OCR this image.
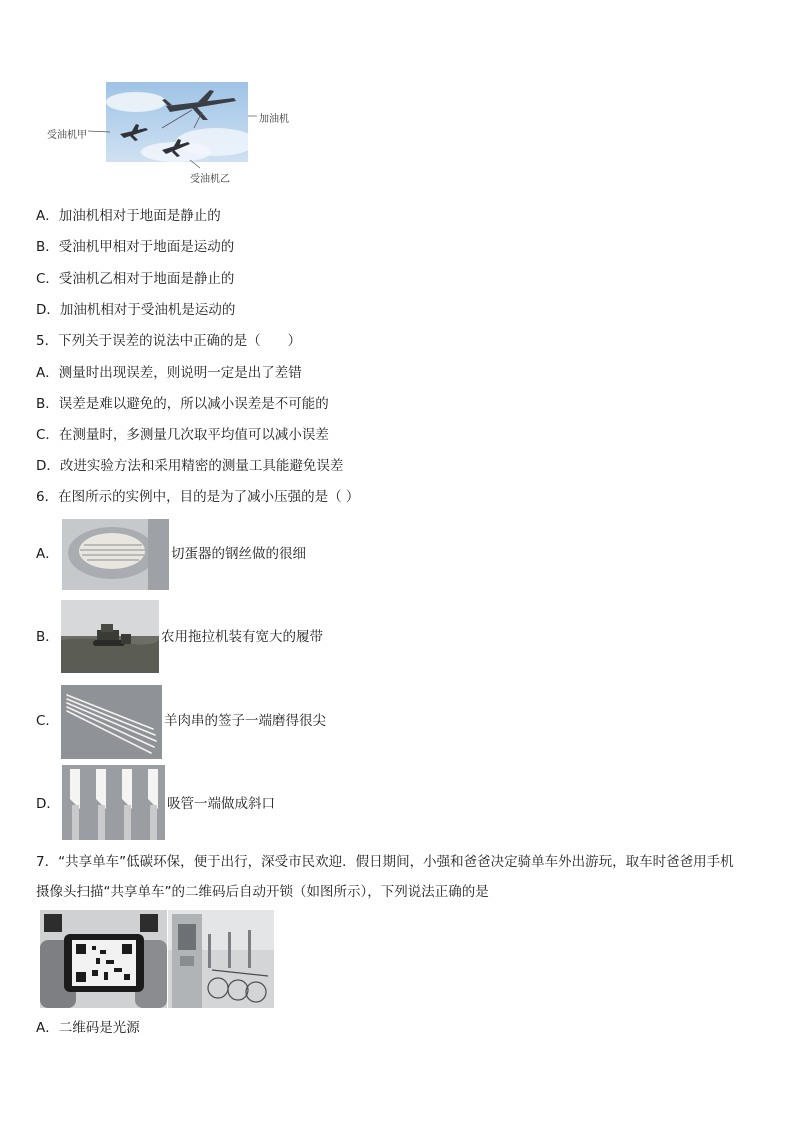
加油机
受油机甲
受油机乙
A．加油机相对于地面是静止的
B．受油机甲相对于地面是运动的
C．受油机乙相对于地面是静止的
D．加油机相对于受油机是运动的
5．下列关于误差的说法中正确的是（　　）
A．测量时出现误差，则说明一定是出了差错
B．误差是难以避免的，所以减小误差是不可能的
C．在测量时，多测量几次取平均值可以减小误差
D．改进实验方法和采用精密的测量工具能避免误差
6．在图所示的实例中，目的是为了减小压强的是（ ）
A．	切蛋器的钢丝做的很细
B．	农用拖拉机装有宽大的履带
C．	羊肉串的签子一端磨得很尖
D．	吸管一端做成斜口
7．“共享单车”低碳环保，便于出行，深受市民欢迎．假日期间，小强和爸爸决定骑单车外出游玩，取车时爸爸用手机
摄像头扫描“共享单车”的二维码后自动开锁（如图所示），下列说法正确的是
A．二维码是光源
